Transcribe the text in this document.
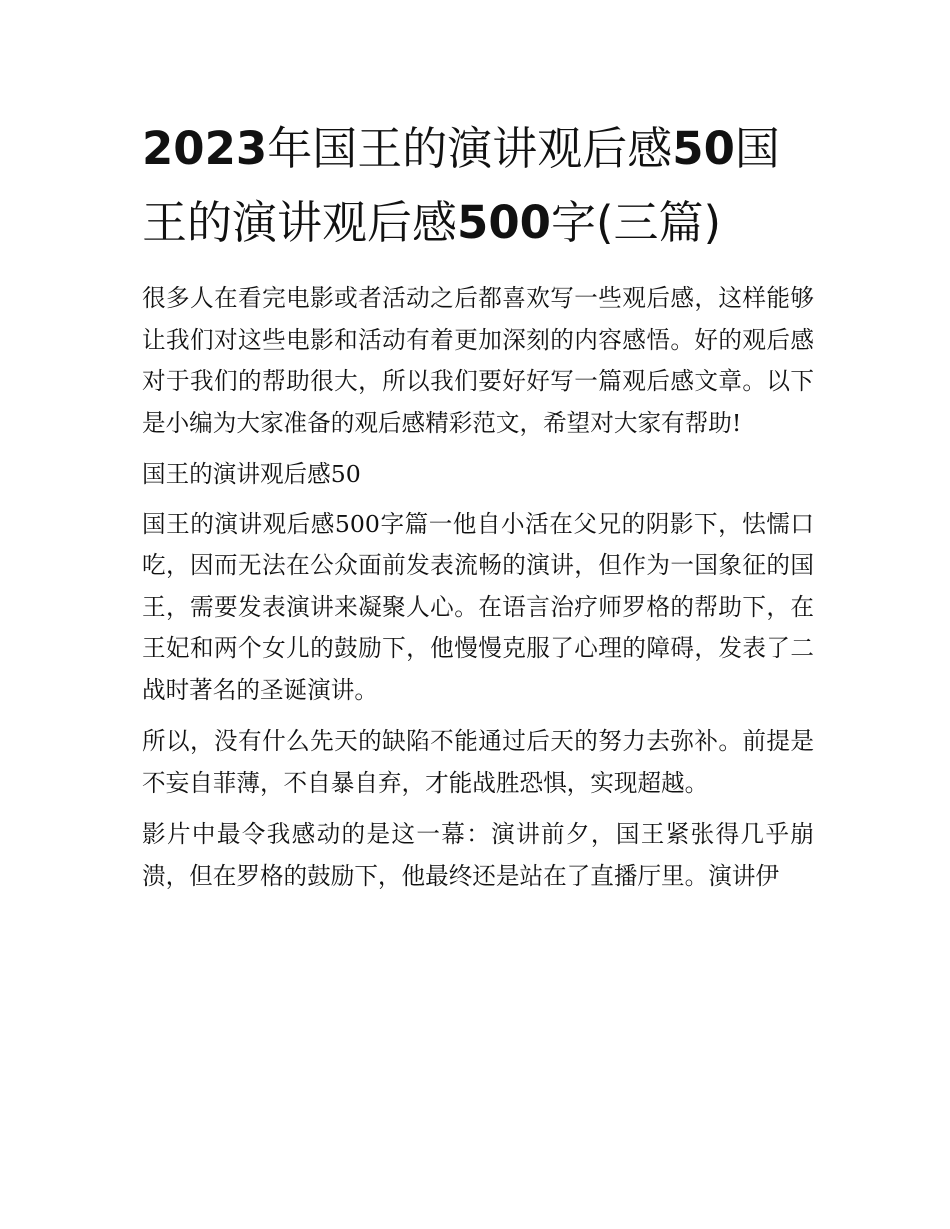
2023年国王的演讲观后感50国王的演讲观后感500字(三篇)

很多人在看完电影或者活动之后都喜欢写一些观后感，这样能够让我们对这些电影和活动有着更加深刻的内容感悟。好的观后感对于我们的帮助很大，所以我们要好好写一篇观后感文章。以下是小编为大家准备的观后感精彩范文，希望对大家有帮助!

国王的演讲观后感50

国王的演讲观后感500字篇一他自小活在父兄的阴影下，怯懦口吃，因而无法在公众面前发表流畅的演讲，但作为一国象征的国王，需要发表演讲来凝聚人心。在语言治疗师罗格的帮助下，在王妃和两个女儿的鼓励下，他慢慢克服了心理的障碍，发表了二战时著名的圣诞演讲。

所以，没有什么先天的缺陷不能通过后天的努力去弥补。前提是不妄自菲薄，不自暴自弃，才能战胜恐惧，实现超越。

影片中最令我感动的是这一幕：演讲前夕，国王紧张得几乎崩溃，但在罗格的鼓励下，他最终还是站在了直播厅里。演讲伊
